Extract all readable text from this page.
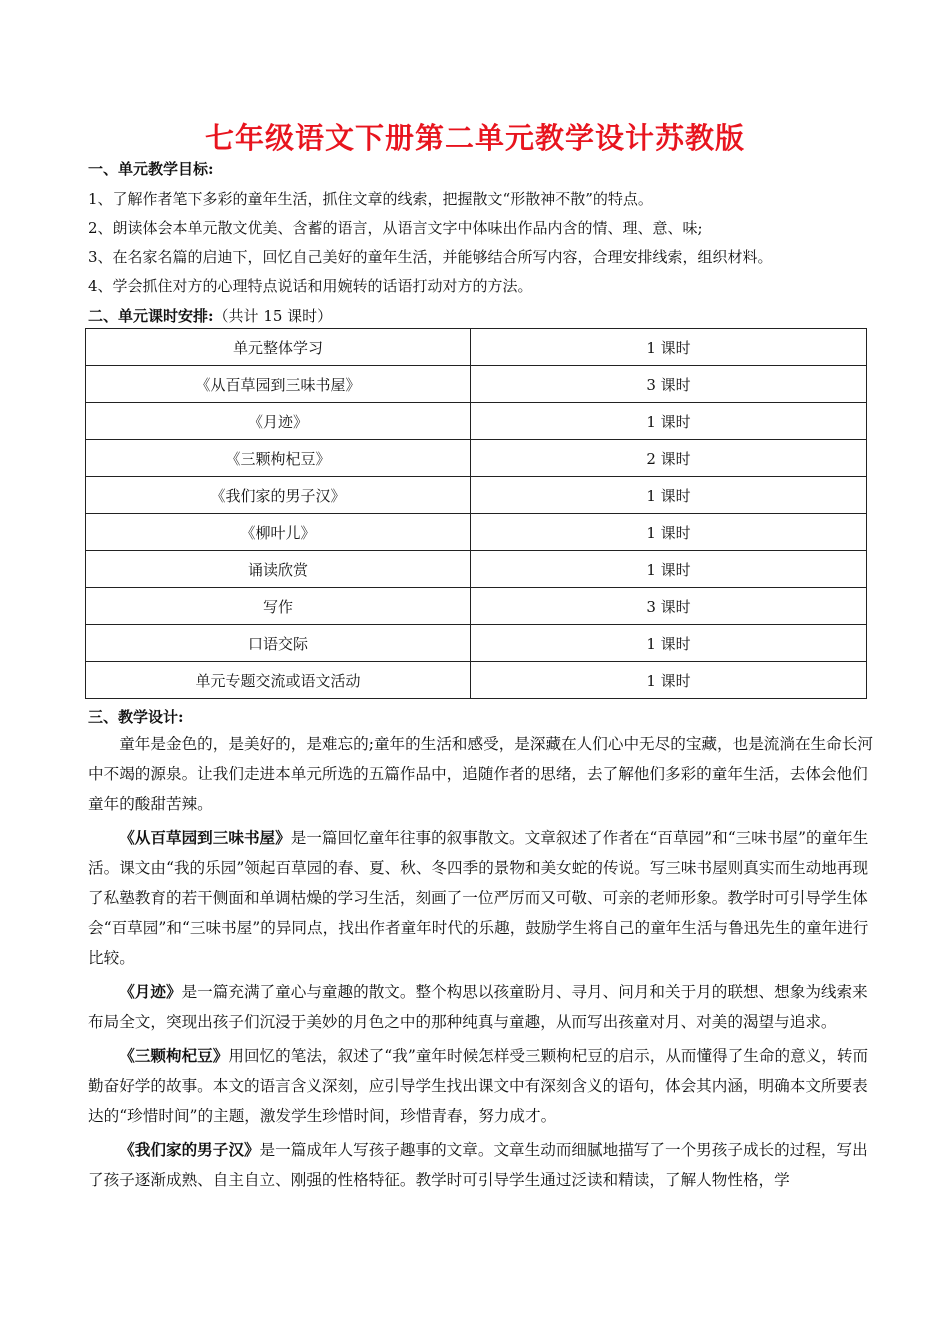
七年级语文下册第二单元教学设计苏教版
一、单元教学目标:
1、了解作者笔下多彩的童年生活，抓住文章的线索，把握散文“形散神不散”的特点。
2、朗读体会本单元散文优美、含蓄的语言，从语言文字中体味出作品内含的情、理、意、味;
3、在名家名篇的启迪下，回忆自己美好的童年生活，并能够结合所写内容，合理安排线索，组织材料。
4、学会抓住对方的心理特点说话和用婉转的话语打动对方的方法。
二、单元课时安排:（共计 15 课时）
单元整体学习	1 课时
《从百草园到三味书屋》	3 课时
《月迹》	1 课时
《三颗枸杞豆》	2 课时
《我们家的男子汉》	1 课时
《柳叶儿》	1 课时
诵读欣赏	1 课时
写作	3 课时
口语交际	1 课时
单元专题交流或语文活动	1 课时
三、教学设计:

童年是金色的，是美好的，是难忘的;童年的生活和感受，是深藏在人们心中无尽的宝藏，也是流淌在生命长河中不竭的源泉。让我们走进本单元所选的五篇作品中，追随作者的思绪，去了解他们多彩的童年生活，去体会他们童年的酸甜苦辣。

《从百草园到三味书屋》是一篇回忆童年往事的叙事散文。文章叙述了作者在“百草园”和“三味书屋”的童年生活。课文由“我的乐园”领起百草园的春、夏、秋、冬四季的景物和美女蛇的传说。写三味书屋则真实而生动地再现了私塾教育的若干侧面和单调枯燥的学习生活，刻画了一位严厉而又可敬、可亲的老师形象。教学时可引导学生体会“百草园”和“三味书屋”的异同点，找出作者童年时代的乐趣，鼓励学生将自己的童年生活与鲁迅先生的童年进行比较。

《月迹》是一篇充满了童心与童趣的散文。整个构思以孩童盼月、寻月、问月和关于月的联想、想象为线索来布局全文，突现出孩子们沉浸于美妙的月色之中的那种纯真与童趣，从而写出孩童对月、对美的渴望与追求。

《三颗枸杞豆》用回忆的笔法，叙述了“我”童年时候怎样受三颗枸杞豆的启示，从而懂得了生命的意义，转而勤奋好学的故事。本文的语言含义深刻，应引导学生找出课文中有深刻含义的语句，体会其内涵，明确本文所要表达的“珍惜时间”的主题，激发学生珍惜时间，珍惜青春，努力成才。

《我们家的男子汉》是一篇成年人写孩子趣事的文章。文章生动而细腻地描写了一个男孩子成长的过程，写出了孩子逐渐成熟、自主自立、刚强的性格特征。教学时可引导学生通过泛读和精读，了解人物性格，学
